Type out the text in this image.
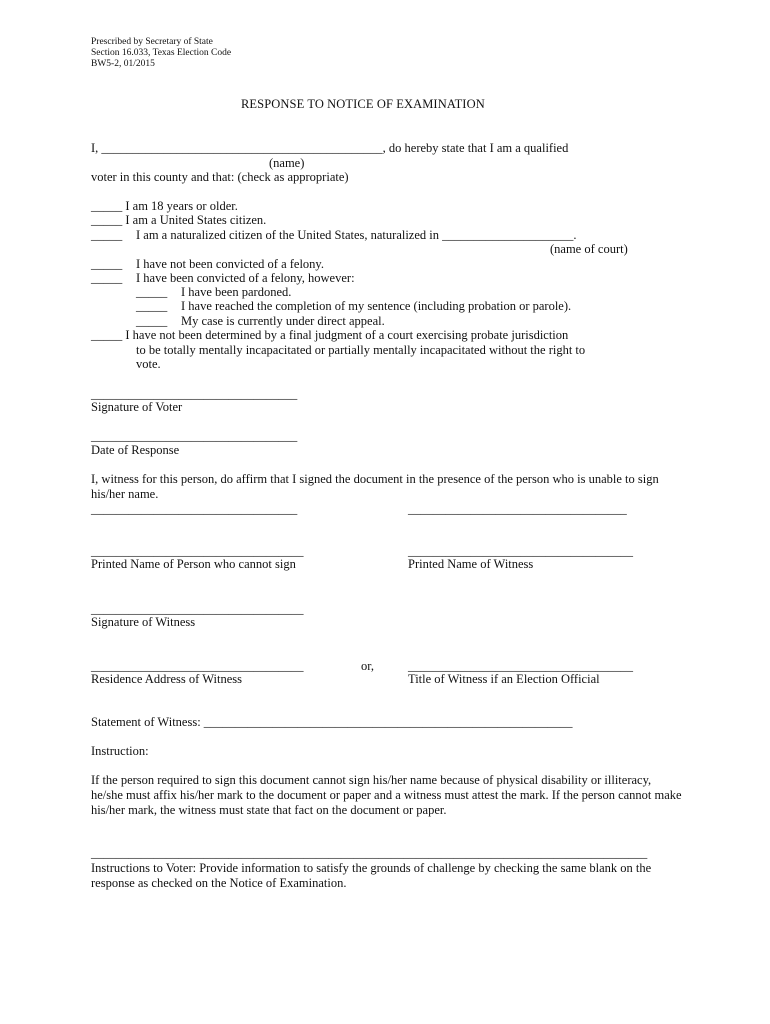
Prescribed by Secretary of State
Section 16.033, Texas Election Code
BW5-2, 01/2015
RESPONSE TO NOTICE OF EXAMINATION
I, _____________________________________________, do hereby state that I am a qualified
(name)
voter in this county and that: (check as appropriate)
_____ I am 18 years or older.
_____ I am a United States citizen.
_____ I am a naturalized citizen of the United States, naturalized in _____________________.
(name of court)
_____ I have not been convicted of a felony.
_____ I have been convicted of a felony, however:
_____ I have been pardoned.
_____ I have reached the completion of my sentence (including probation or parole).
_____ My case is currently under direct appeal.
_____ I have not been determined by a final judgment of a court exercising probate jurisdiction
to be totally mentally incapacitated or partially mentally incapacitated without the right to
vote.
_________________________________
Signature of Voter
_________________________________
Date of Response
I, witness for this person, do affirm that I signed the document in the presence of the person who is unable to sign his/her name.
_________________________________	___________________________________
__________________________________	____________________________________
Printed Name of Person who cannot sign	Printed Name of Witness
__________________________________
Signature of Witness
__________________________________	or,	____________________________________
Residence Address of Witness	Title of Witness if an Election Official
Statement of Witness: ___________________________________________________________
Instruction:
If the person required to sign this document cannot sign his/her name because of physical disability or illiteracy, he/she must affix his/her mark to the document or paper and a witness must attest the mark. If the person cannot make his/her mark, the witness must state that fact on the document or paper.
_________________________________________________________________________________________
Instructions to Voter: Provide information to satisfy the grounds of challenge by checking the same blank on the response as checked on the Notice of Examination.
